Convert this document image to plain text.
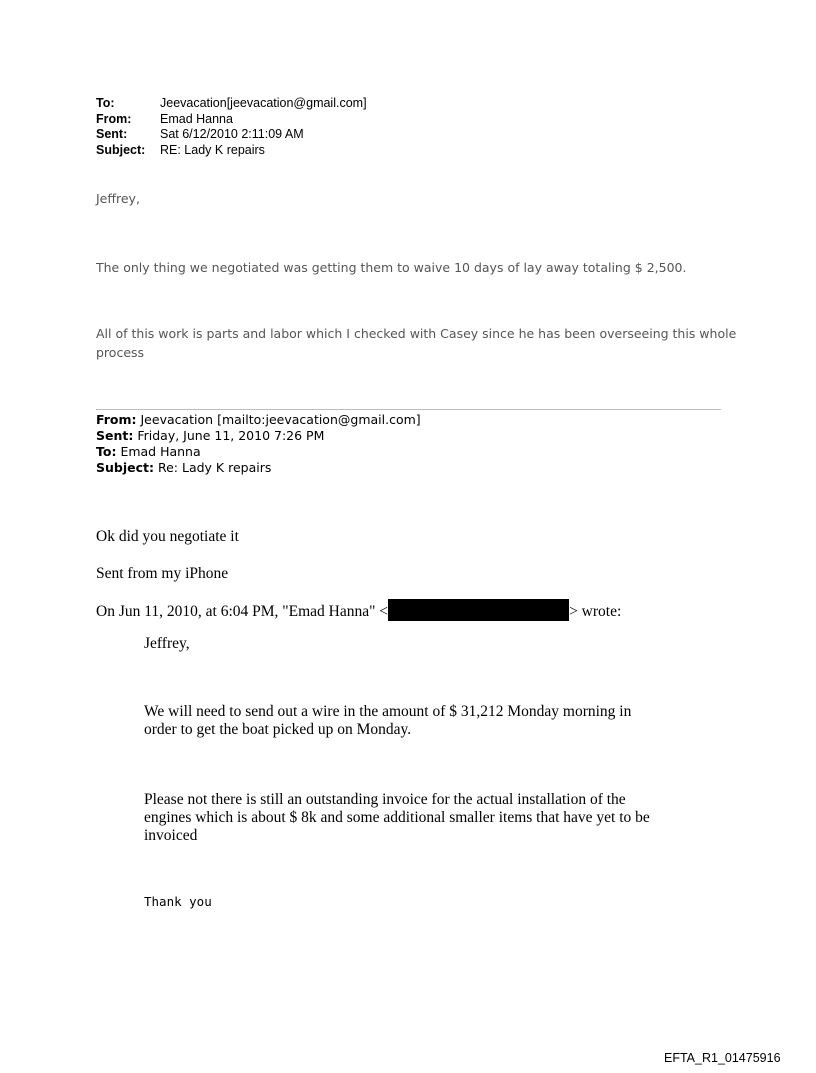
To:	Jeevacation[jeevacation@gmail.com]
From:	Emad Hanna
Sent:	Sat 6/12/2010 2:11:09 AM
Subject:	RE: Lady K repairs
Jeffrey,
The only thing we negotiated was getting them to waive 10 days of lay away totaling $ 2,500.
All of this work is parts and labor which I checked with Casey since he has been overseeing this whole
process
From: Jeevacation [mailto:jeevacation@gmail.com]
Sent: Friday, June 11, 2010 7:26 PM
To: Emad Hanna
Subject: Re: Lady K repairs
Ok did you negotiate it
Sent from my iPhone
On Jun 11, 2010, at 6:04 PM, "Emad Hanna" <	> wrote:
Jeffrey,
We will need to send out a wire in the amount of $ 31,212 Monday morning in
order to get the boat picked up on Monday.
Please not there is still an outstanding invoice for the actual installation of the
engines which is about $ 8k and some additional smaller items that have yet to be
invoiced
Thank you
EFTA_R1_01475916
